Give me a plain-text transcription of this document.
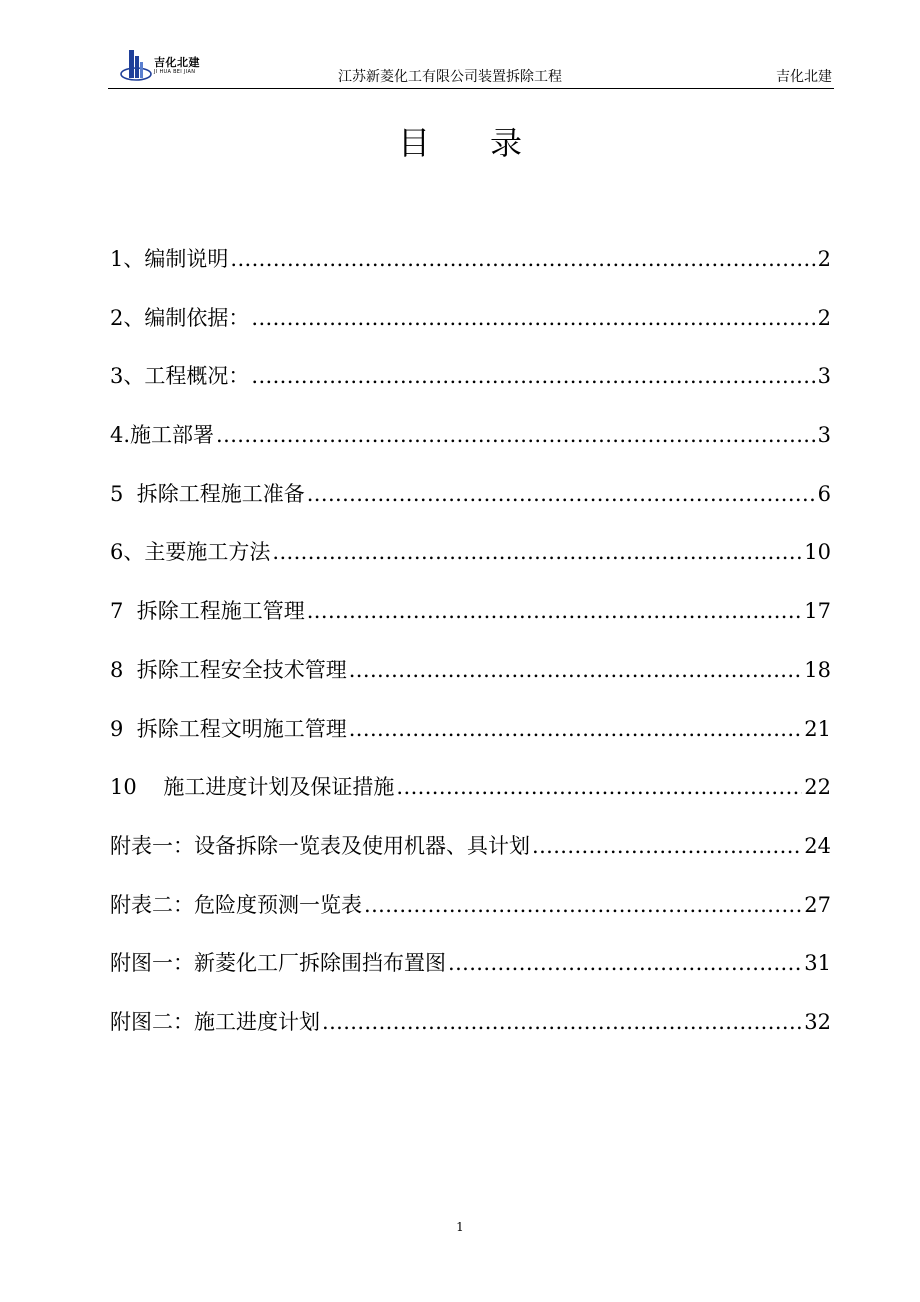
吉化北建
JI HUA BEI JIAN	江苏新菱化工有限公司装置拆除工程	吉化北建
目录
1、编制说明 .....	2
2、编制依据： .....	2
3、工程概况： .....	3
4.施工部署 .....	3
5  拆除工程施工准备 .....	6
6、主要施工方法 .....	10
7  拆除工程施工管理 .....	17
8  拆除工程安全技术管理 .....	18
9  拆除工程文明施工管理 .....	21
10    施工进度计划及保证措施 .....	22
附表一：设备拆除一览表及使用机器、具计划 .....	24
附表二：危险度预测一览表 .....	27
附图一：新菱化工厂拆除围挡布置图 .....	31
附图二：施工进度计划 .....	32
1
